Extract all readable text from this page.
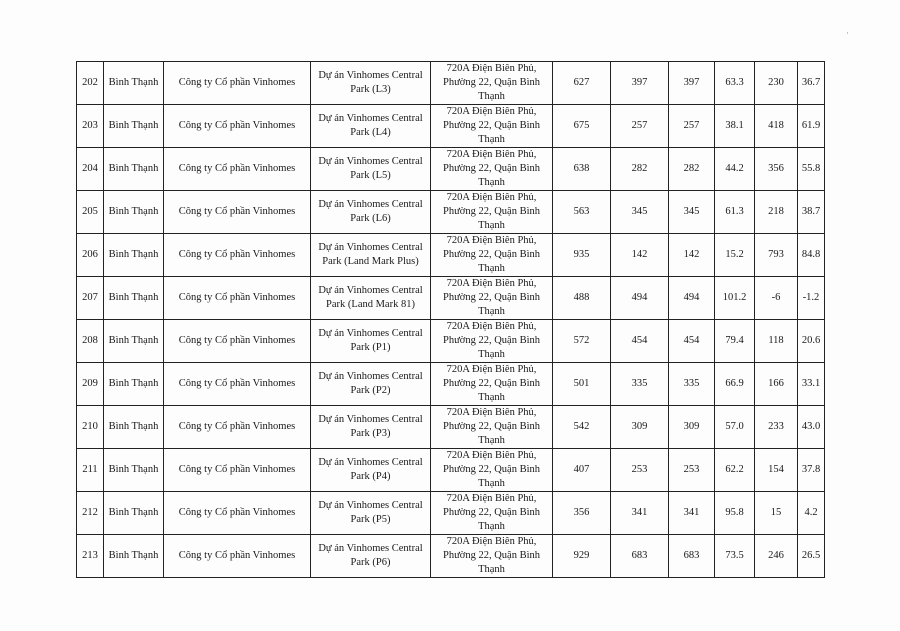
202	Bình Thạnh	Công ty Cổ phần Vinhomes	Dự án Vinhomes Central Park (L3)	720A Điện Biên Phủ, Phường 22, Quận Bình Thạnh	627	397	397	63.3	230	36.7
203	Bình Thạnh	Công ty Cổ phần Vinhomes	Dự án Vinhomes Central Park (L4)	720A Điện Biên Phủ, Phường 22, Quận Bình Thạnh	675	257	257	38.1	418	61.9
204	Bình Thạnh	Công ty Cổ phần Vinhomes	Dự án Vinhomes Central Park (L5)	720A Điện Biên Phủ, Phường 22, Quận Bình Thạnh	638	282	282	44.2	356	55.8
205	Bình Thạnh	Công ty Cổ phần Vinhomes	Dự án Vinhomes Central Park (L6)	720A Điện Biên Phủ, Phường 22, Quận Bình Thạnh	563	345	345	61.3	218	38.7
206	Bình Thạnh	Công ty Cổ phần Vinhomes	Dự án Vinhomes Central Park (Land Mark Plus)	720A Điện Biên Phủ, Phường 22, Quận Bình Thạnh	935	142	142	15.2	793	84.8
207	Bình Thạnh	Công ty Cổ phần Vinhomes	Dự án Vinhomes Central Park (Land Mark 81)	720A Điện Biên Phủ, Phường 22, Quận Bình Thạnh	488	494	494	101.2	-6	-1.2
208	Bình Thạnh	Công ty Cổ phần Vinhomes	Dự án Vinhomes Central Park (P1)	720A Điện Biên Phủ, Phường 22, Quận Bình Thạnh	572	454	454	79.4	118	20.6
209	Bình Thạnh	Công ty Cổ phần Vinhomes	Dự án Vinhomes Central Park (P2)	720A Điện Biên Phủ, Phường 22, Quận Bình Thạnh	501	335	335	66.9	166	33.1
210	Bình Thạnh	Công ty Cổ phần Vinhomes	Dự án Vinhomes Central Park (P3)	720A Điện Biên Phủ, Phường 22, Quận Bình Thạnh	542	309	309	57.0	233	43.0
211	Bình Thạnh	Công ty Cổ phần Vinhomes	Dự án Vinhomes Central Park (P4)	720A Điện Biên Phủ, Phường 22, Quận Bình Thạnh	407	253	253	62.2	154	37.8
212	Bình Thạnh	Công ty Cổ phần Vinhomes	Dự án Vinhomes Central Park (P5)	720A Điện Biên Phủ, Phường 22, Quận Bình Thạnh	356	341	341	95.8	15	4.2
213	Bình Thạnh	Công ty Cổ phần Vinhomes	Dự án Vinhomes Central Park (P6)	720A Điện Biên Phủ, Phường 22, Quận Bình Thạnh	929	683	683	73.5	246	26.5
·
